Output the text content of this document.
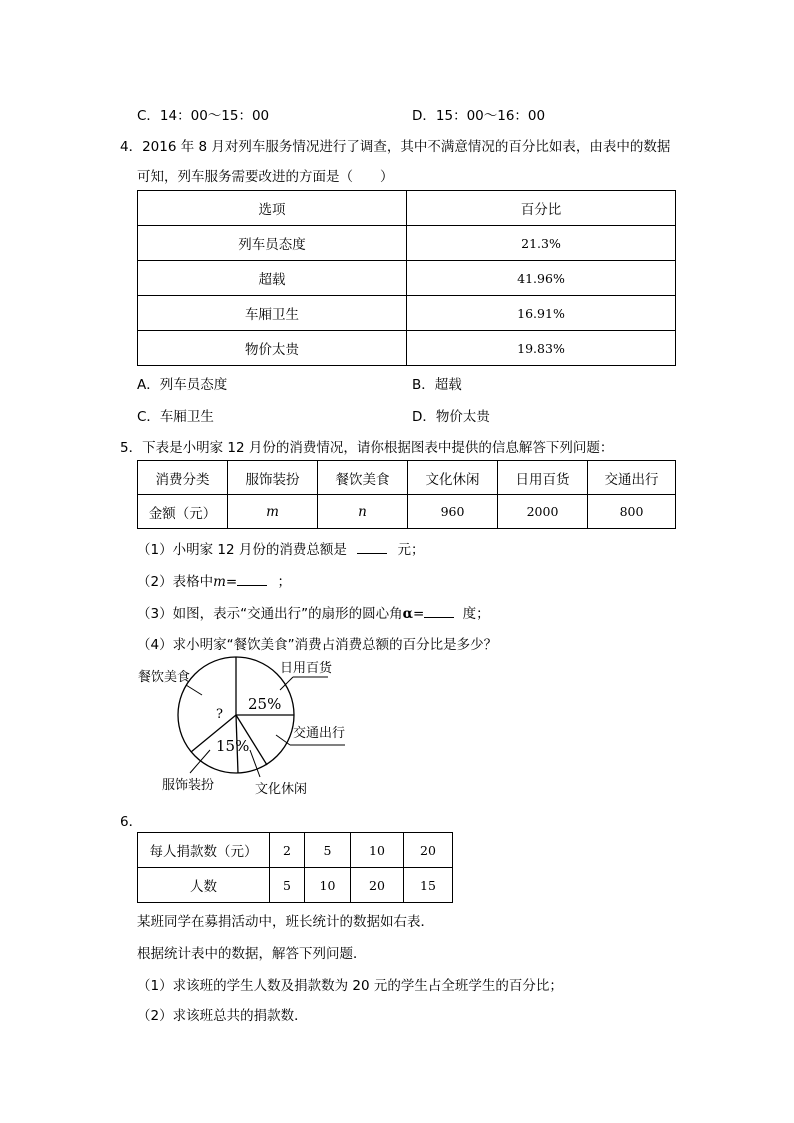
C．14：00～15：00	D．15：00～16：00
4．2016 年 8 月对列车服务情况进行了调查，其中不满意情况的百分比如表，由表中的数据
可知，列车服务需要改进的方面是（　　）
选项	百分比
列车员态度	21.3%
超载	41.96%
车厢卫生	16.91%
物价太贵	19.83%
A．列车员态度	B．超载
C．车厢卫生	D．物价太贵
5．下表是小明家 12 月份的消费情况，请你根据图表中提供的信息解答下列问题：
消费分类	服饰装扮	餐饮美食	文化休闲	日用百货	交通出行
金额（元）	m	n	960	2000	800
（1）小明家 12 月份的消费总额是	元；
（2）表格中m=	；
（3）如图，表示“交通出行”的扇形的圆心角α=	度；
（4）求小明家“餐饮美食”消费占消费总额的百分比是多少？
餐饮美食
日用百货
交通出行
文化休闲
服饰装扮
25%
15%
?
6．
每人捐款数（元）	2	5	10	20
人数	5	10	20	15
某班同学在募捐活动中，班长统计的数据如右表．
根据统计表中的数据，解答下列问题．
（1）求该班的学生人数及捐款数为 20 元的学生占全班学生的百分比；
（2）求该班总共的捐款数．
